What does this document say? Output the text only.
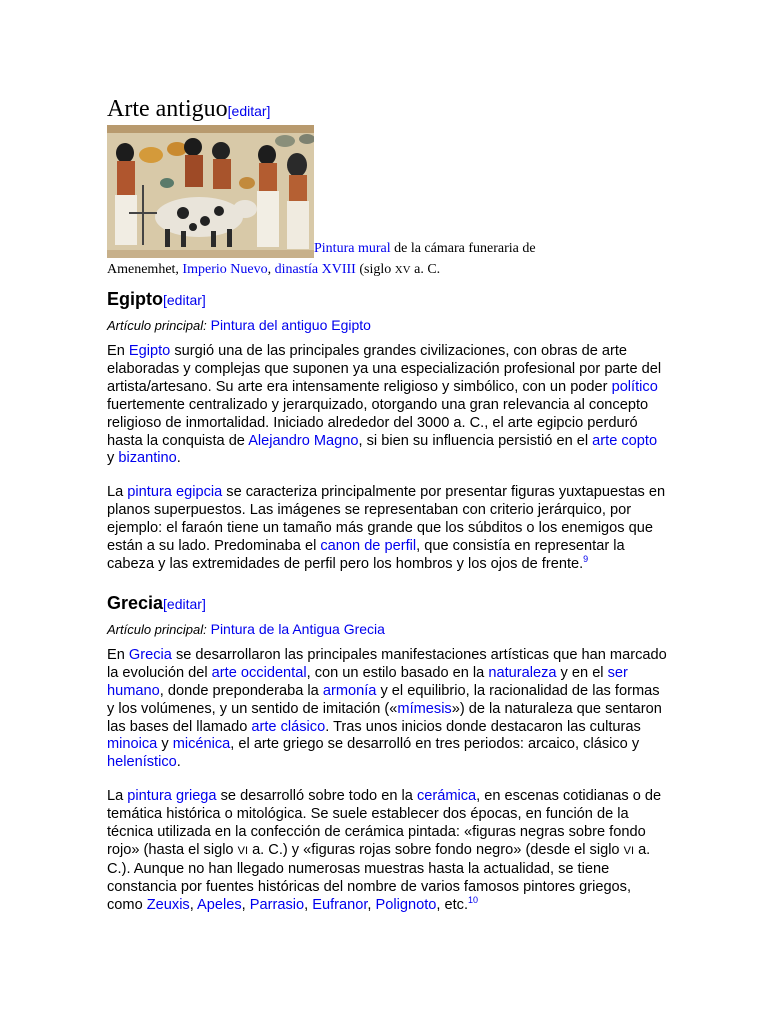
Arte antiguo[editar]
Pintura mural de la cámara funeraria de
Amenemhet, Imperio Nuevo, dinastía XVIII (siglo XV a. C.
Egipto[editar]
Artículo principal: Pintura del antiguo Egipto

En Egipto surgió una de las principales grandes civilizaciones, con obras de arte elaboradas y complejas que suponen ya una especialización profesional por parte del artista/artesano. Su arte era intensamente religioso y simbólico, con un poder político fuertemente centralizado y jerarquizado, otorgando una gran relevancia al concepto religioso de inmortalidad. Iniciado alrededor del 3000 a. C., el arte egipcio perduró hasta la conquista de Alejandro Magno, si bien su influencia persistió en el arte copto y bizantino.

La pintura egipcia se caracteriza principalmente por presentar figuras yuxtapuestas en planos superpuestos. Las imágenes se representaban con criterio jerárquico, por ejemplo: el faraón tiene un tamaño más grande que los súbditos o los enemigos que están a su lado. Predominaba el canon de perfil, que consistía en representar la cabeza y las extremidades de perfil pero los hombros y los ojos de frente.$^9$

Grecia[editar]
Artículo principal: Pintura de la Antigua Grecia

En Grecia se desarrollaron las principales manifestaciones artísticas que han marcado la evolución del arte occidental, con un estilo basado en la naturaleza y en el ser humano, donde preponderaba la armonía y el equilibrio, la racionalidad de las formas y los volúmenes, y un sentido de imitación («mímesis») de la naturaleza que sentaron las bases del llamado arte clásico. Tras unos inicios donde destacaron las culturas minoica y micénica, el arte griego se desarrolló en tres periodos: arcaico, clásico y helenístico.

La pintura griega se desarrolló sobre todo en la cerámica, en escenas cotidianas o de temática histórica o mitológica. Se suele establecer dos épocas, en función de la técnica utilizada en la confección de cerámica pintada: «figuras negras sobre fondo rojo» (hasta el siglo VI a. C.) y «figuras rojas sobre fondo negro» (desde el siglo VI a. C.). Aunque no han llegado numerosas muestras hasta la actualidad, se tiene constancia por fuentes históricas del nombre de varios famosos pintores griegos, como Zeuxis, Apeles, Parrasio, Eufranor, Polignoto, etc.$^{10}$
